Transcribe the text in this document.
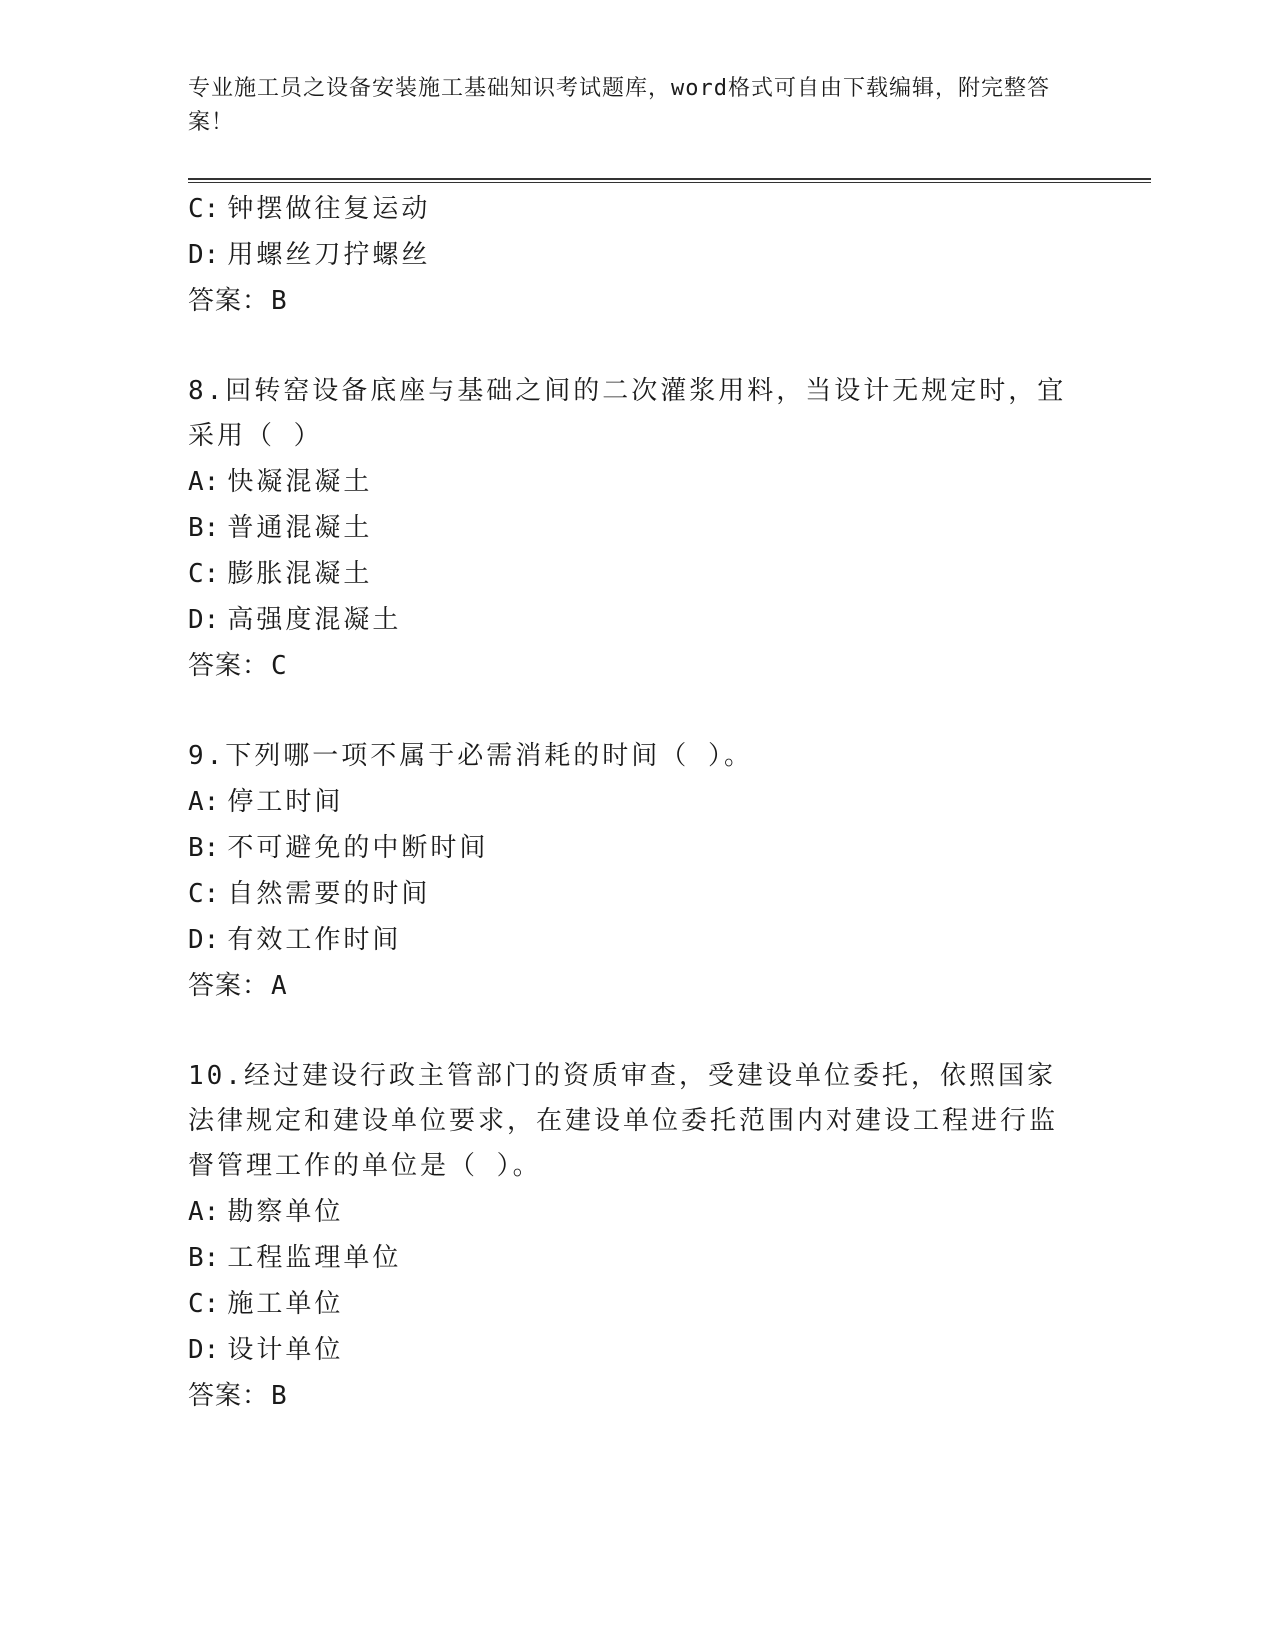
专业施工员之设备安装施工基础知识考试题库，word格式可自由下载编辑，附完整答案！
C: 钟摆做往复运动
D: 用螺丝刀拧螺丝
答案：B
8.回转窑设备底座与基础之间的二次灌浆用料，当设计无规定时，宜采用（ ）
A: 快凝混凝土
B: 普通混凝土
C: 膨胀混凝土
D: 高强度混凝土
答案：C
9.下列哪一项不属于必需消耗的时间（ ）。
A: 停工时间
B: 不可避免的中断时间
C: 自然需要的时间
D: 有效工作时间
答案：A
10.经过建设行政主管部门的资质审查，受建设单位委托，依照国家法律规定和建设单位要求，在建设单位委托范围内对建设工程进行监督管理工作的单位是（ ）。
A: 勘察单位
B: 工程监理单位
C: 施工单位
D: 设计单位
答案：B
